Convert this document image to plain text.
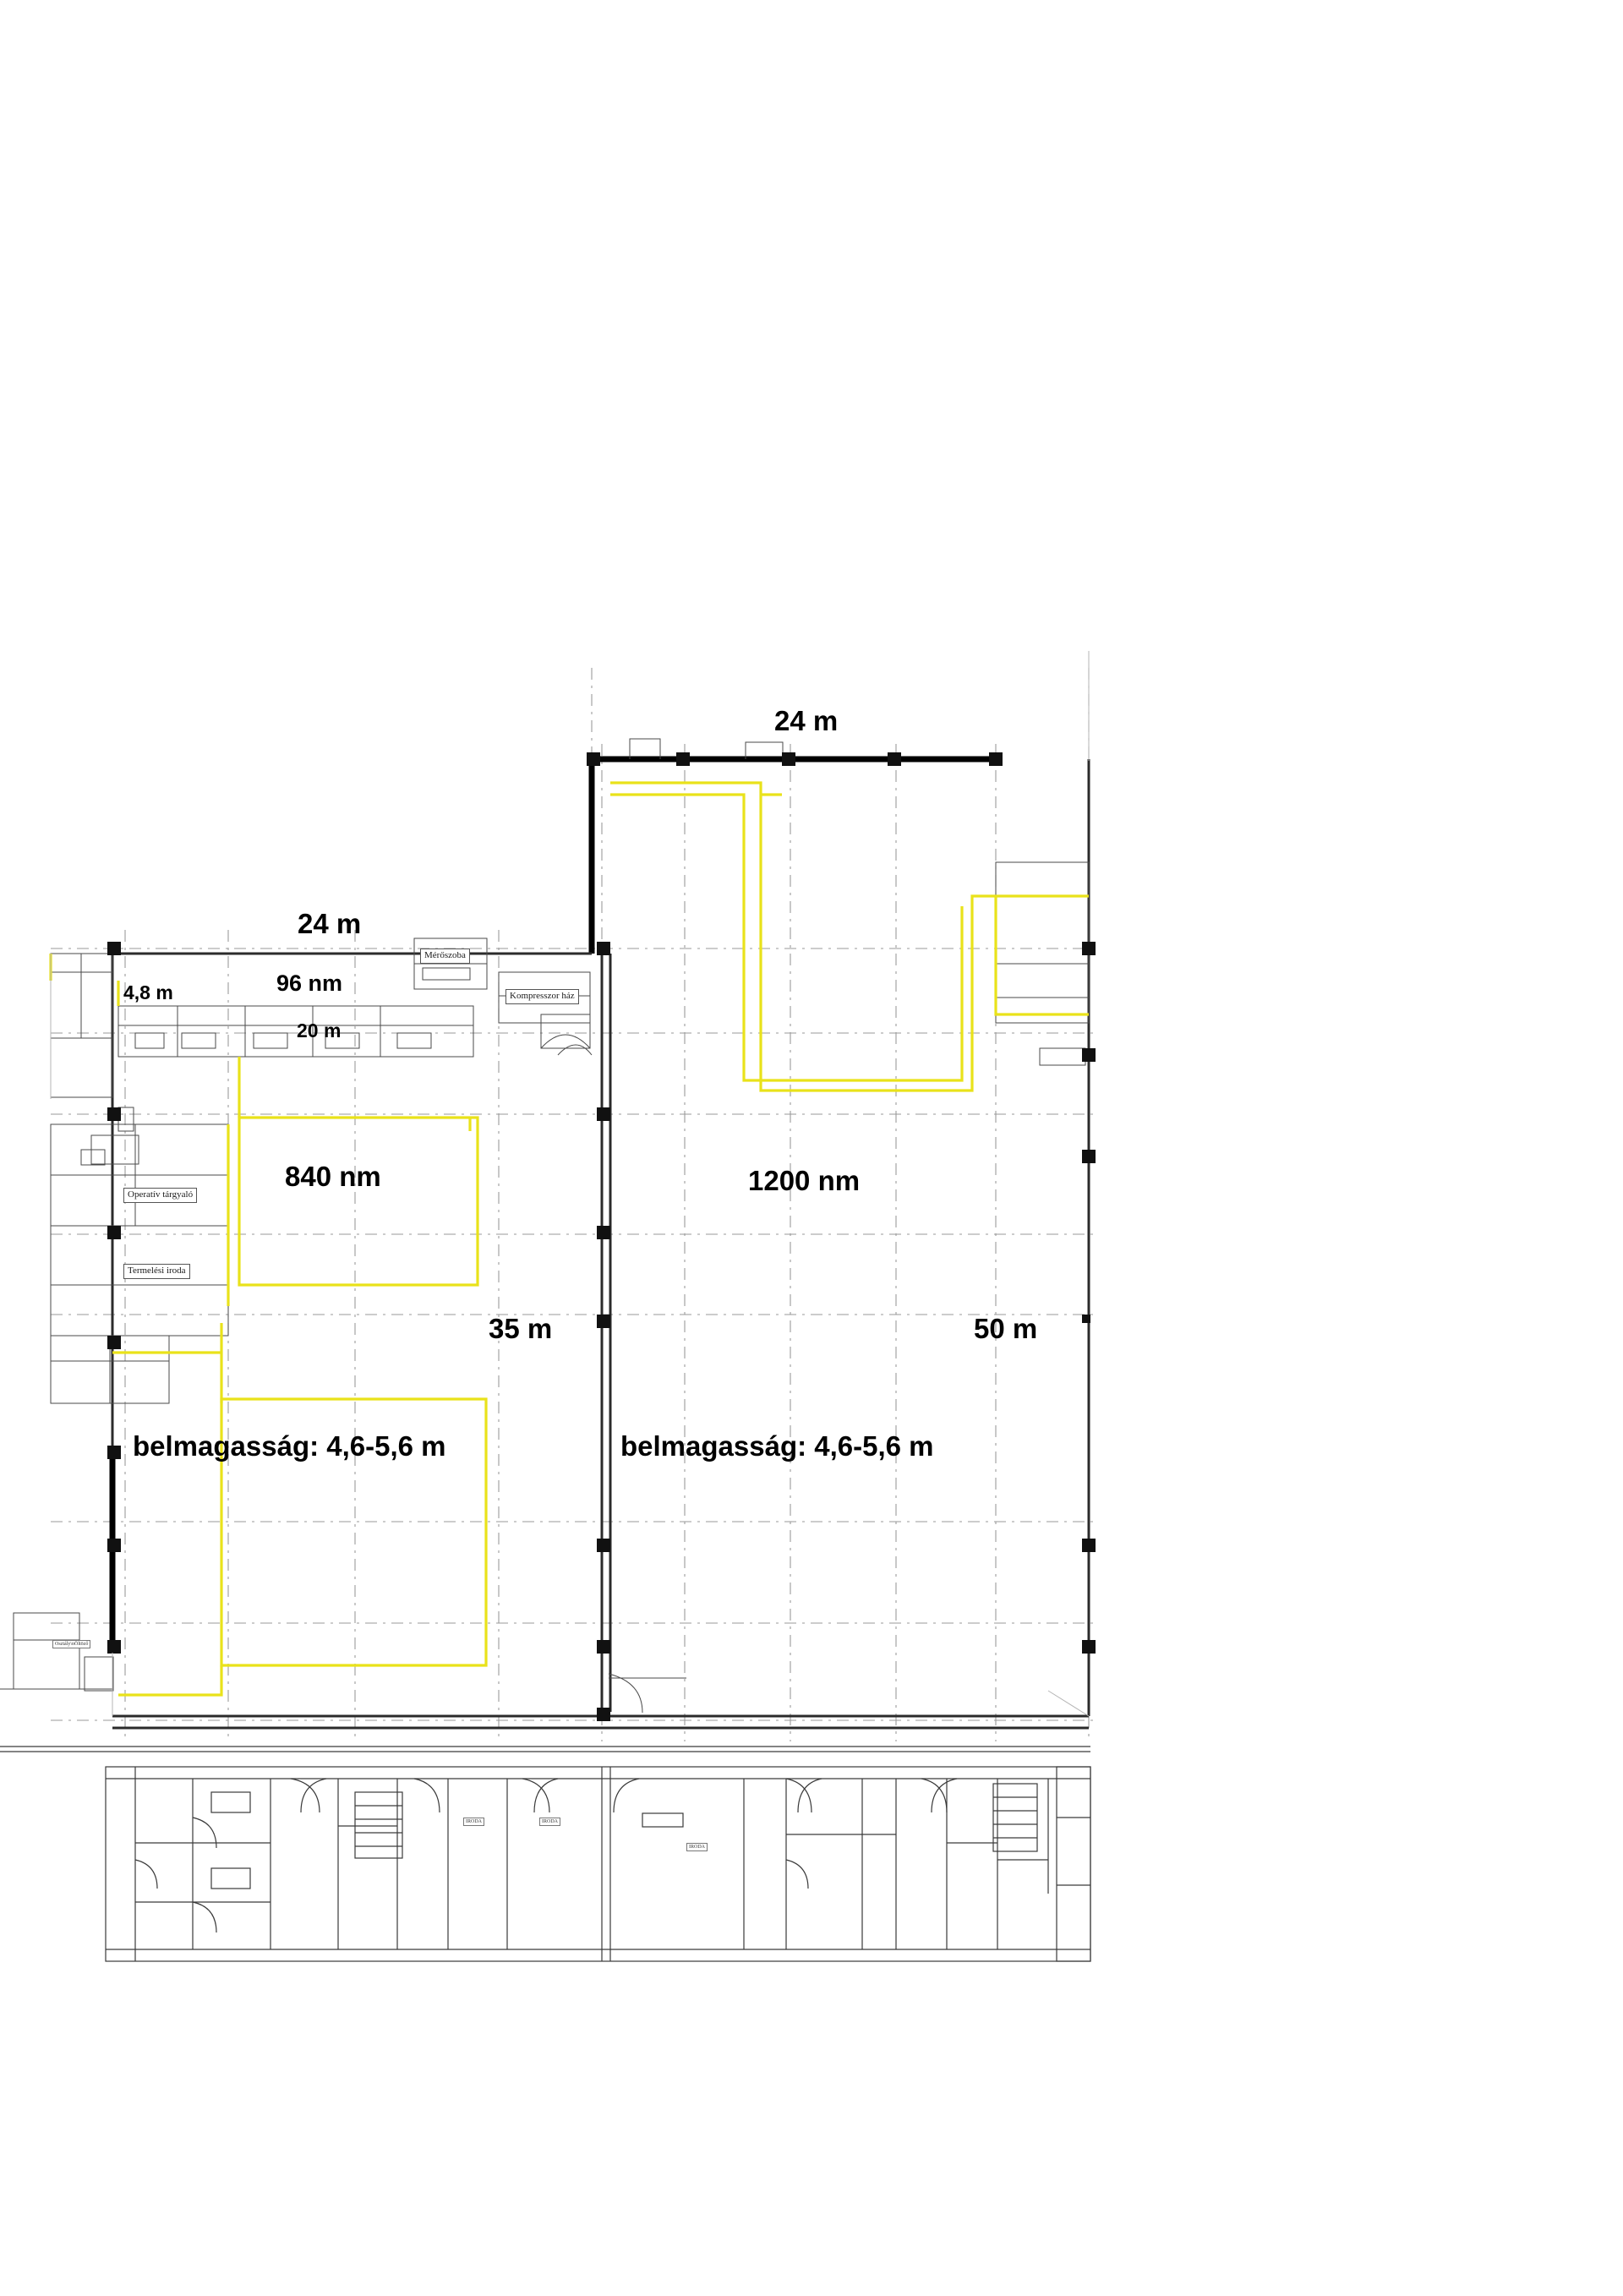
24 m
24 m
96 nm
4,8 m
20 m
840 nm	1200 nm
35 m	50 m
belmagasság: 4,6-5,6 m	belmagasság: 4,6-5,6 m
Mérőszoba
Kompresszor ház
Operatív tárgyaló
Termelési iroda
IRODA	IRODA
IRODA
Osztály\nÖltöző
